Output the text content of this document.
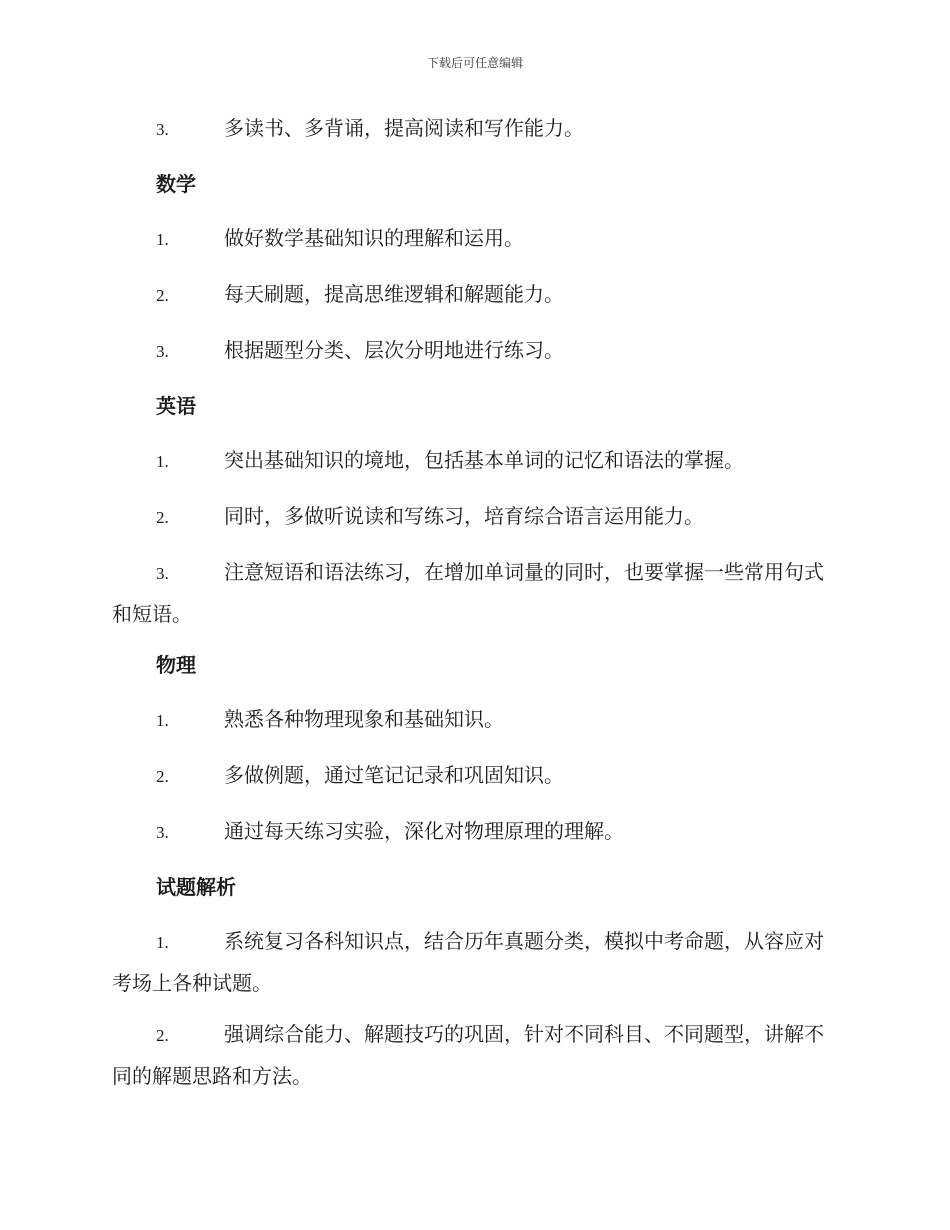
下载后可任意编辑

3.	多读书、多背诵，提高阅读和写作能力。

数学

1.	做好数学基础知识的理解和运用。

2.	每天刷题，提高思维逻辑和解题能力。

3.	根据题型分类、层次分明地进行练习。

英语

1.	突出基础知识的境地，包括基本单词的记忆和语法的掌握。

2.	同时，多做听说读和写练习，培育综合语言运用能力。

3.	注意短语和语法练习，在增加单词量的同时，也要掌握一些常用句式和短语。

物理

1.	熟悉各种物理现象和基础知识。

2.	多做例题，通过笔记记录和巩固知识。

3.	通过每天练习实验，深化对物理原理的理解。

试题解析

1.	系统复习各科知识点，结合历年真题分类，模拟中考命题，从容应对考场上各种试题。

2.	强调综合能力、解题技巧的巩固，针对不同科目、不同题型，讲解不同的解题思路和方法。
